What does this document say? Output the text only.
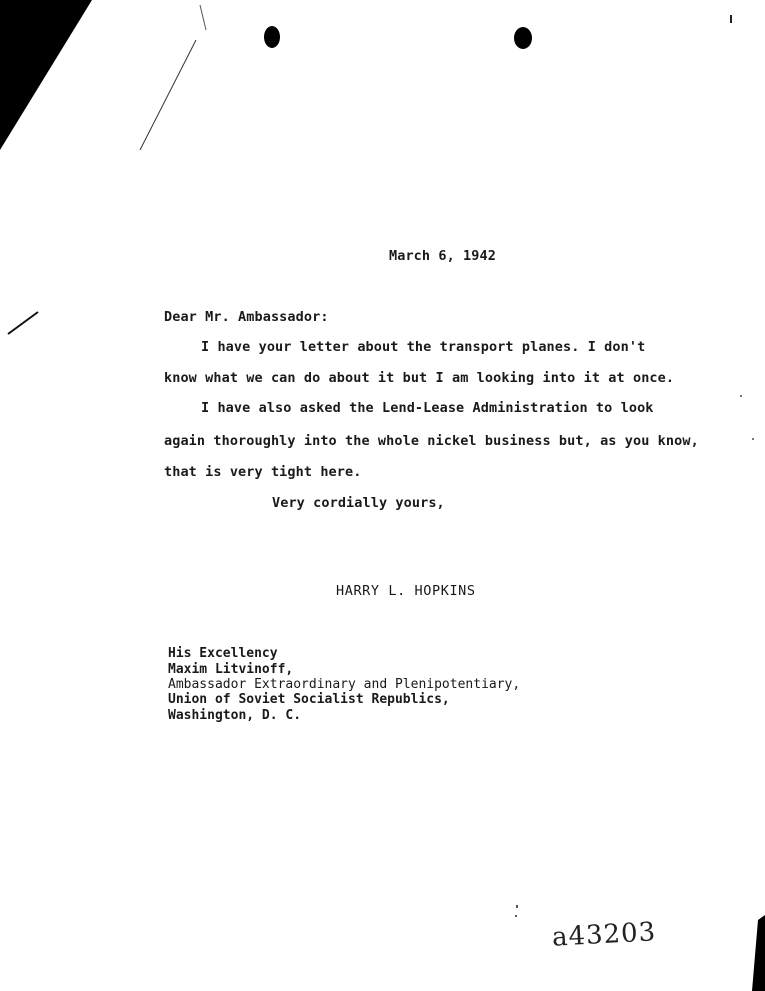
March 6, 1942
Dear Mr. Ambassador:
I have your letter about the transport planes. I don't
know what we can do about it but I am looking into it at once.
I have also asked the Lend-Lease Administration to look
again thoroughly into the whole nickel business but, as you know,
that is very tight here.
Very cordially yours,
HARRY L. HOPKINS
His Excellency
Maxim Litvinoff,
Ambassador Extraordinary and Plenipotentiary,
Union of Soviet Socialist Republics,
Washington, D. C.
a43203
